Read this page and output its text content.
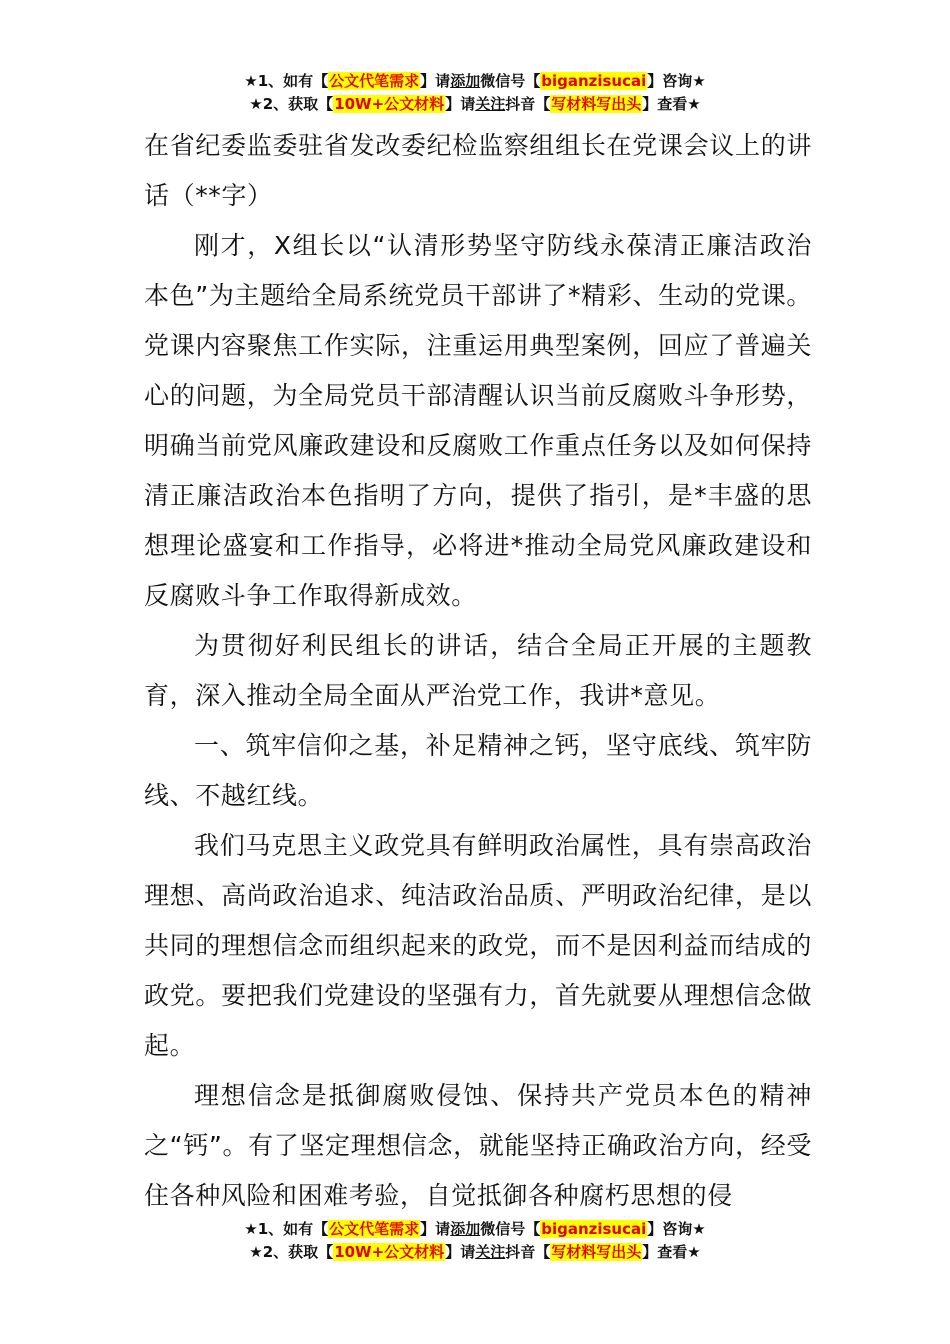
★1、如有【公文代笔需求】请添加微信号【biganzisucai】咨询★
★2、获取【10W+公文材料】请关注抖音【写材料写出头】查看★

在省纪委监委驻省发改委纪检监察组组长在党课会议上的讲话（**字）

刚才，X组长以“认清形势坚守防线永葆清正廉洁政治本色”为主题给全局系统党员干部讲了*精彩、生动的党课。党课内容聚焦工作实际，注重运用典型案例，回应了普遍关心的问题，为全局党员干部清醒认识当前反腐败斗争形势，明确当前党风廉政建设和反腐败工作重点任务以及如何保持清正廉洁政治本色指明了方向，提供了指引，是*丰盛的思想理论盛宴和工作指导，必将进*推动全局党风廉政建设和反腐败斗争工作取得新成效。

为贯彻好利民组长的讲话，结合全局正开展的主题教育，深入推动全局全面从严治党工作，我讲*意见。

一、筑牢信仰之基，补足精神之钙，坚守底线、筑牢防线、不越红线。

我们马克思主义政党具有鲜明政治属性，具有崇高政治理想、高尚政治追求、纯洁政治品质、严明政治纪律，是以共同的理想信念而组织起来的政党，而不是因利益而结成的政党。要把我们党建设的坚强有力，首先就要从理想信念做起。

理想信念是抵御腐败侵蚀、保持共产党员本色的精神之“钙”。有了坚定理想信念，就能坚持正确政治方向，经受住各种风险和困难考验，自觉抵御各种腐朽思想的侵

★1、如有【公文代笔需求】请添加微信号【biganzisucai】咨询★
★2、获取【10W+公文材料】请关注抖音【写材料写出头】查看★
